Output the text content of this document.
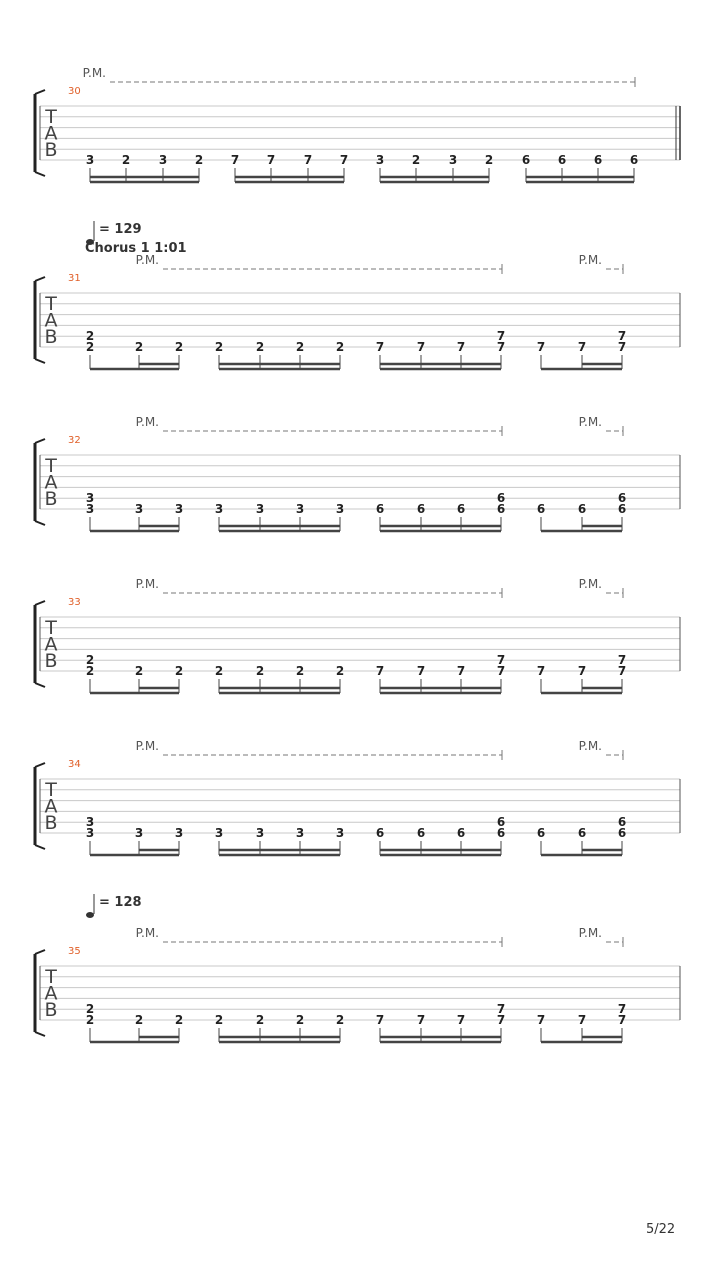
T
A
B
30
P.M.
3 2 3 2 7 7 7 7 3 2 3 2 6 6 6 6
T
A
B
31
P.M.	P.M.
= 129
Chorus 1 1:01
2
2	2	2	2	2	2	2	7	7	7
7
7	7	7
7
7
T
A
B
32
P.M.	P.M.
3
3	3	3	3	3	3	3	6	6	6
6
6	6	6
6
6
T
A
B
33
P.M.	P.M.
2
2	2	2	2	2	2	2	7	7	7
7
7	7	7
7
7
T
A
B
34
P.M.	P.M.
3
3	3	3	3	3	3	3	6	6	6
6
6	6	6
6
6
T
A
B
35
P.M.	P.M.
= 128
2
2	2	2	2	2	2	2	7	7	7
7
7	7	7
7
7
5/22
